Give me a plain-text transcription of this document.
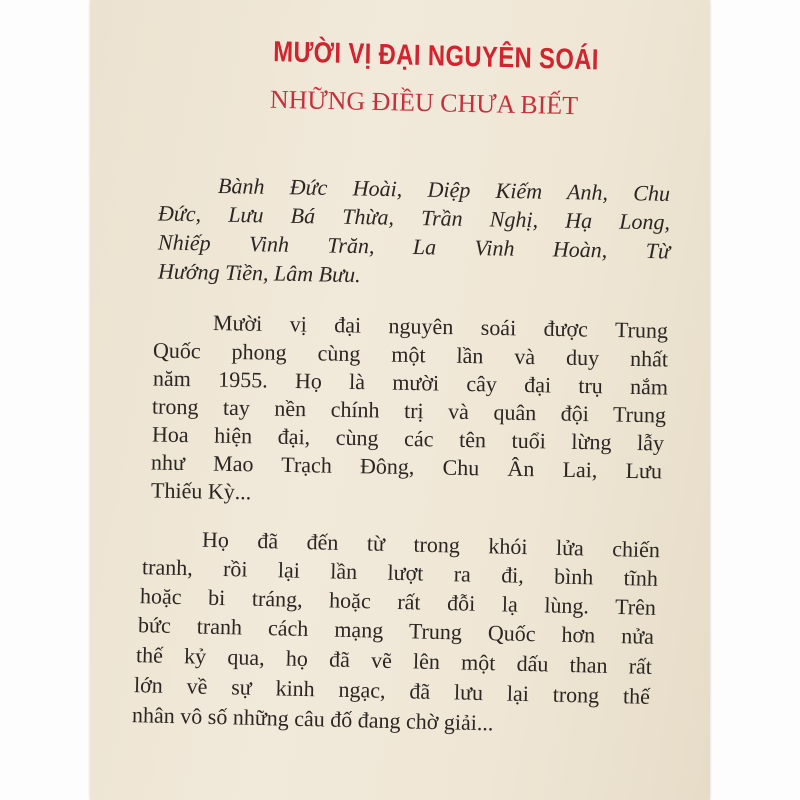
MƯỜI VỊ ĐẠI NGUYÊN SOÁI
NHỮNG ĐIỀU CHƯA BIẾT
Bành Đức Hoài, Diệp Kiếm Anh, Chu
Đức, Lưu Bá Thừa, Trần Nghị, Hạ Long,
Nhiếp Vinh Trăn, La Vinh Hoàn, Từ
Hướng Tiền, Lâm Bưu.
Mười vị đại nguyên soái được Trung
Quốc phong cùng một lần và duy nhất
năm 1955. Họ là mười cây đại trụ nắm
trong tay nền chính trị và quân đội Trung
Hoa hiện đại, cùng các tên tuổi lừng lẫy
như Mao Trạch Đông, Chu Ân Lai, Lưu
Thiếu Kỳ...
Họ đã đến từ trong khói lửa chiến
tranh, rồi lại lần lượt ra đi, bình tĩnh
hoặc bi tráng, hoặc rất đỗi lạ lùng. Trên
bức tranh cách mạng Trung Quốc hơn nửa
thế kỷ qua, họ đã vẽ lên một dấu than rất
lớn về sự kinh ngạc, đã lưu lại trong thế
nhân vô số những câu đố đang chờ giải...
